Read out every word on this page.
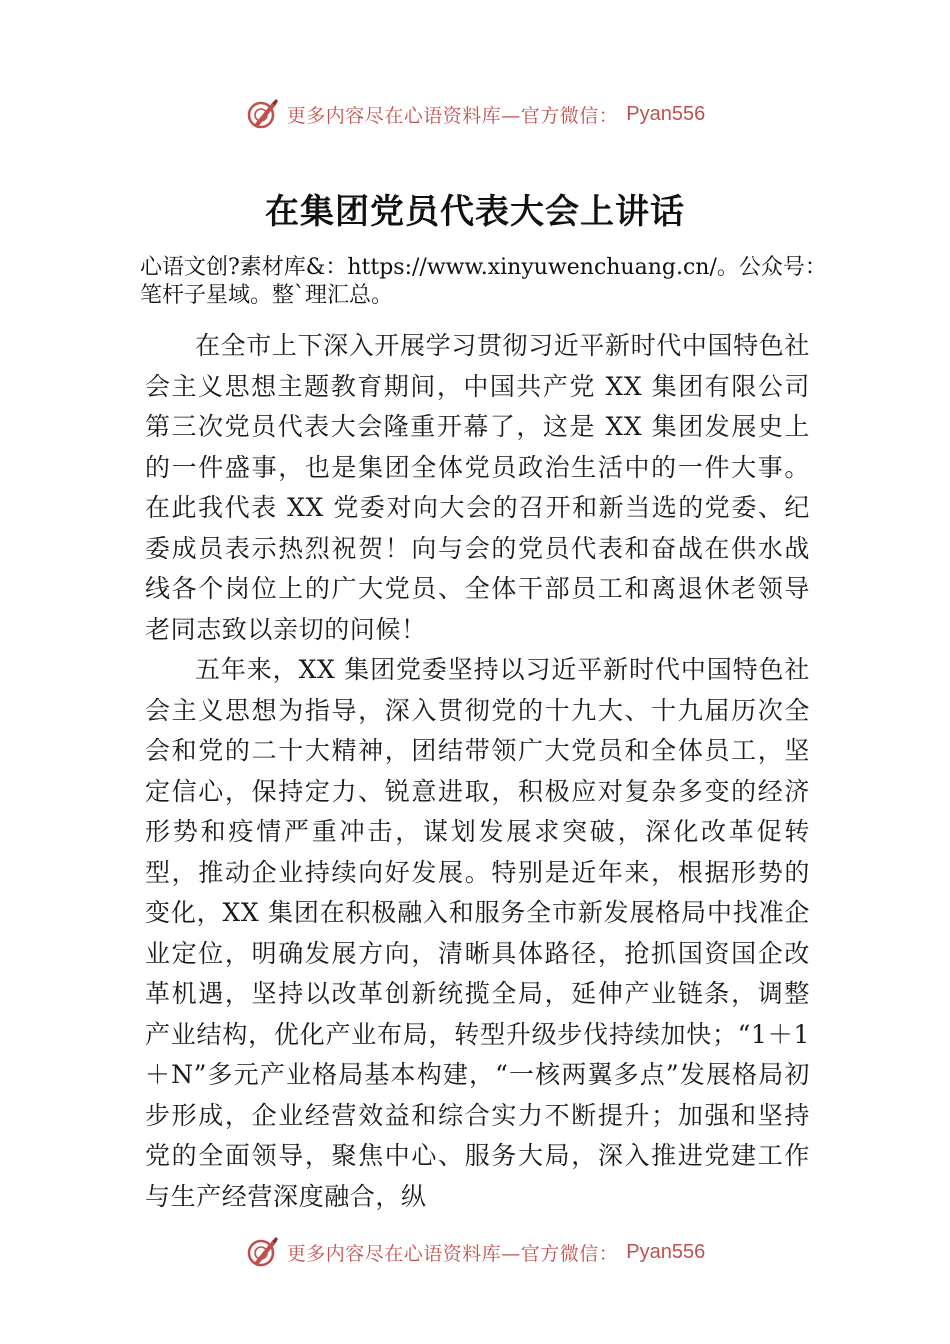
更多内容尽在心语资料库—官方微信： Pyan556
在集团党员代表大会上讲话

心语文创?素材库&：https://www.xinyuwenchuang.cn/。公众号：笔杆子星域。整`理汇总。

在全市上下深入开展学习贯彻习近平新时代中国特色社会主义思想主题教育期间，中国共产党 XX 集团有限公司第三次党员代表大会隆重开幕了，这是 XX 集团发展史上的一件盛事，也是集团全体党员政治生活中的一件大事。在此我代表 XX 党委对向大会的召开和新当选的党委、纪委成员表示热烈祝贺！向与会的党员代表和奋战在供水战线各个岗位上的广大党员、全体干部员工和离退休老领导老同志致以亲切的问候！

五年来，XX 集团党委坚持以习近平新时代中国特色社会主义思想为指导，深入贯彻党的十九大、十九届历次全会和党的二十大精神，团结带领广大党员和全体员工，坚定信心，保持定力、锐意进取，积极应对复杂多变的经济形势和疫情严重冲击，谋划发展求突破，深化改革促转型，推动企业持续向好发展。特别是近年来，根据形势的变化，XX 集团在积极融入和服务全市新发展格局中找准企业定位，明确发展方向，清晰具体路径，抢抓国资国企改革机遇，坚持以改革创新统揽全局，延伸产业链条，调整产业结构，优化产业布局，转型升级步伐持续加快；“1＋1＋N”多元产业格局基本构建，“一核两翼多点”发展格局初步形成，企业经营效益和综合实力不断提升；加强和坚持党的全面领导，聚焦中心、服务大局，深入推进党建工作与生产经营深度融合，纵

更多内容尽在心语资料库—官方微信： Pyan556
